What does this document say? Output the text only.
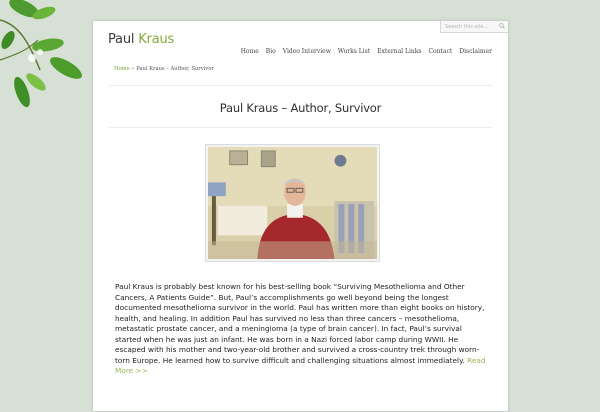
Search this site...
Paul Kraus
Home Bio Video Interview Works List External Links Contact Disclaimer
Home » Paul Kraus – Author, Survivor
Paul Kraus – Author, Survivor

Paul Kraus is probably best known for his best-selling book “Surviving Mesothelioma and Other Cancers, A Patients Guide”. But, Paul’s accomplishments go well beyond being the longest documented mesothelioma survivor in the world. Paul has written more than eight books on history, health, and healing. In addition Paul has survived no less than three cancers – mesothelioma, metastatic prostate cancer, and a meningioma (a type of brain cancer). In fact, Paul’s survival started when he was just an infant. He was born in a Nazi forced labor camp during WWII. He escaped with his mother and two-year-old brother and survived a cross-country trek through worn-torn Europe. He learned how to survive difficult and challenging situations almost immediately. Read More >>
